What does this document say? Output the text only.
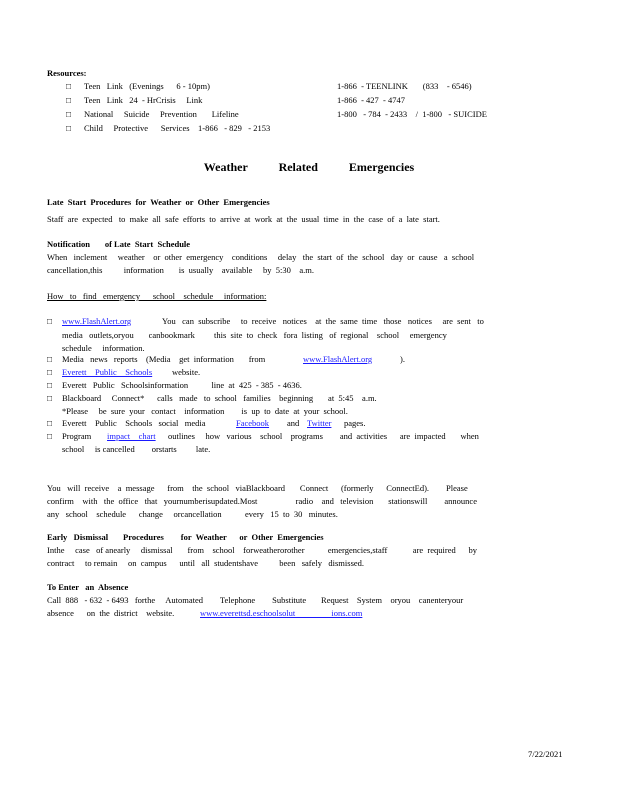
Resources:
□ Teen   Link   (Evenings      6 - 10pm)	1-866  - TEENLINK       (833    - 6546)
□ Teen   Link   24  - HrCrisis     Link	1-866  - 427  - 4747
□ National     Suicide     Prevention       Lifeline	1-800   - 784  - 2433    /  1-800   - SUICIDE
□ Child     Protective      Services    1-866   - 829   - 2153
Weather Related Emergencies
Late  Start  Procedures  for  Weather  or  Other  Emergencies
Staff  are  expected   to  make  all  safe  efforts  to  arrive  at  work  at  the  usual  time  in  the  case  of  a  late  start.
Notification       of Late  Start  Schedule
When   inclement     weather    or  other  emergency    conditions     delay   the  start  of  the  school   day  or  cause   a  school
cancellation,this          information       is  usually    available     by  5:30    a.m.
How   to   find   emergency      school    schedule     information:
□ www.FlashAlert.org	You   can  subscribe     to  receive   notices    at  the  same  time   those   notices     are  sent   to
media   outlets,oryou       canbookmark         this  site  to  check   fora  listing   of  regional    school     emergency
schedule     information.
□ Media   news   reports    (Media    get  information       from	www.FlashAlert.org	).
□ Everett    Public    Schools website.
□ Everett   Public   Schoolsinformation           line  at  425  - 385  - 4636.
□ Blackboard     Connect*      calls   made   to  school   families    beginning       at  5:45    a.m.
*Please     be  sure  your   contact    information        is  up  to  date  at  your  school.
□ Everett    Public    Schools   social   media	Facebook and Twitter pages.
□ Program impact    chart outlines     how   various    school    programs        and  activities      are  impacted       when
school     is cancelled        orstarts         late.
You   will  receive    a  message      from    the  school   viaBlackboard       Connect      (formerly      ConnectEd).        Please
confirm    with   the  office   that   yournumberisupdated.Most                  radio    and   television       stationswill        announce
any   school    schedule      change     orcancellation           every   15  to  30   minutes.
Early   Dismissal       Procedures        for  Weather      or  Other  Emergencies
Inthe     case   of anearly     dismissal       from    school    forweatherorother           emergencies,staff            are  required      by
contract     to remain     on  campus      until   all  studentshave          been   safely   dismissed.
To Enter   an  Absence
Call  888   - 632  - 6493   forthe     Automated        Telephone        Substitute       Request    System    oryou    canenteryour
absence      on  the  district    website.	www.everettsd.eschoolsolut                 ions.com
7/22/2021
